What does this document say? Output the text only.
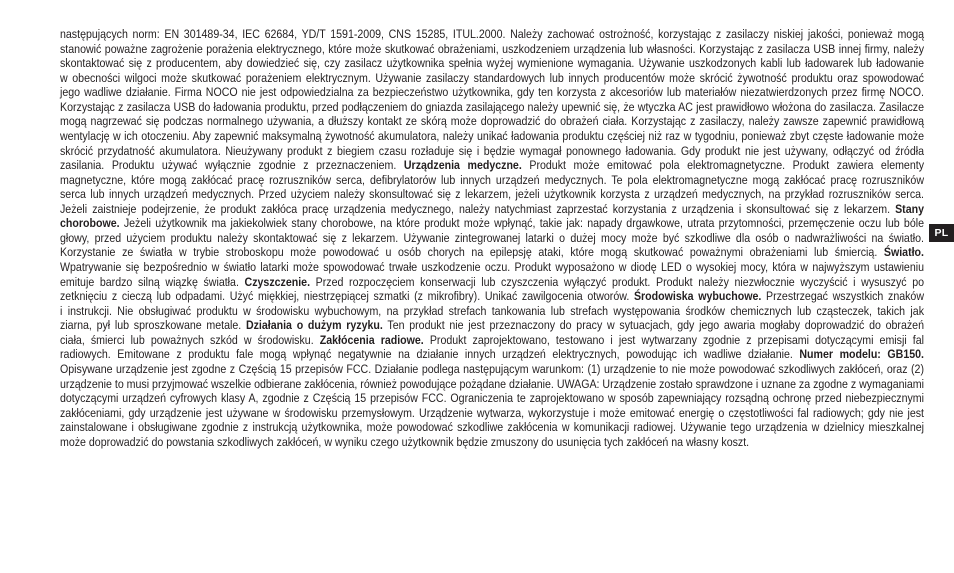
następujących norm: EN 301489-34, IEC 62684, YD/T 1591-2009, CNS 15285, ITUL.2000. Należy zachować ostrożność, korzystając z zasilaczy niskiej jakości, ponieważ mogą
stanowić poważne zagrożenie porażenia elektrycznego, które może skutkować obrażeniami, uszkodzeniem urządzenia lub własności. Korzystając z zasilacza USB innej firmy, należy
skontaktować się z producentem, aby dowiedzieć się, czy zasilacz użytkownika spełnia wyżej wymienione wymagania. Używanie uszkodzonych kabli lub ładowarek lub ładowanie
w obecności wilgoci może skutkować porażeniem elektrycznym. Używanie zasilaczy standardowych lub innych producentów może skrócić żywotność produktu oraz spowodować
jego wadliwe działanie. Firma NOCO nie jest odpowiedzialna za bezpieczeństwo użytkownika, gdy ten korzysta z akcesoriów lub materiałów niezatwierdzonych przez firmę NOCO.
Korzystając z zasilacza USB do ładowania produktu, przed podłączeniem do gniazda zasilającego należy upewnić się, że wtyczka AC jest prawidłowo włożona do zasilacza. Zasilacze
mogą nagrzewać się podczas normalnego używania, a dłuższy kontakt ze skórą może doprowadzić do obrażeń ciała. Korzystając z zasilaczy, należy zawsze zapewnić prawidłową
wentylację w ich otoczeniu. Aby zapewnić maksymalną żywotność akumulatora, należy unikać ładowania produktu częściej niż raz w tygodniu, ponieważ zbyt częste ładowanie może
skrócić przydatność akumulatora. Nieużywany produkt z biegiem czasu rozładuje się i będzie wymagał ponownego ładowania. Gdy produkt nie jest używany, odłączyć od źródła
zasilania. Produktu używać wyłącznie zgodnie z przeznaczeniem. Urządzenia medyczne. Produkt może emitować pola elektromagnetyczne. Produkt zawiera elementy
magnetyczne, które mogą zakłócać pracę rozruszników serca, defibrylatorów lub innych urządzeń medycznych. Te pola elektromagnetyczne mogą zakłócać pracę rozruszników
serca lub innych urządzeń medycznych. Przed użyciem należy skonsultować się z lekarzem, jeżeli użytkownik korzysta z urządzeń medycznych, na przykład rozruszników serca.
Jeżeli zaistnieje podejrzenie, że produkt zakłóca pracę urządzenia medycznego, należy natychmiast zaprzestać korzystania z urządzenia i skonsultować się z lekarzem. Stany
chorobowe. Jeżeli użytkownik ma jakiekolwiek stany chorobowe, na które produkt może wpłynąć, takie jak: napady drgawkowe, utrata przytomności, przemęczenie oczu lub bóle
głowy, przed użyciem produktu należy skontaktować się z lekarzem. Używanie zintegrowanej latarki o dużej mocy może być szkodliwe dla osób o nadwrażliwości na światło.
Korzystanie ze światła w trybie stroboskopu może powodować u osób chorych na epilepsję ataki, które mogą skutkować poważnymi obrażeniami lub śmiercią. Światło.
Wpatrywanie się bezpośrednio w światło latarki może spowodować trwałe uszkodzenie oczu. Produkt wyposażono w diodę LED o wysokiej mocy, która w najwyższym ustawieniu
emituje bardzo silną wiązkę światła. Czyszczenie. Przed rozpoczęciem konserwacji lub czyszczenia wyłączyć produkt. Produkt należy niezwłocznie wyczyścić i wysuszyć po
zetknięciu z cieczą lub odpadami. Użyć miękkiej, niestrzępiącej szmatki (z mikrofibry). Unikać zawilgocenia otworów. Środowiska wybuchowe. Przestrzegać wszystkich znaków
i instrukcji. Nie obsługiwać produktu w środowisku wybuchowym, na przykład strefach tankowania lub strefach występowania środków chemicznych lub cząsteczek, takich jak
ziarna, pył lub sproszkowane metale. Działania o dużym ryzyku. Ten produkt nie jest przeznaczony do pracy w sytuacjach, gdy jego awaria mogłaby doprowadzić do obrażeń
ciała, śmierci lub poważnych szkód w środowisku. Zakłócenia radiowe. Produkt zaprojektowano, testowano i jest wytwarzany zgodnie z przepisami dotyczącymi emisji fal
radiowych. Emitowane z produktu fale mogą wpłynąć negatywnie na działanie innych urządzeń elektrycznych, powodując ich wadliwe działanie. Numer modelu: GB150.
Opisywane urządzenie jest zgodne z Częścią 15 przepisów FCC. Działanie podlega następującym warunkom: (1) urządzenie to nie może powodować szkodliwych zakłóceń, oraz (2)
urządzenie to musi przyjmować wszelkie odbierane zakłócenia, również powodujące pożądane działanie. UWAGA: Urządzenie zostało sprawdzone i uznane za zgodne z wymaganiami
dotyczącymi urządzeń cyfrowych klasy A, zgodnie z Częścią 15 przepisów FCC. Ograniczenia te zaprojektowano w sposób zapewniający rozsądną ochronę przed niebezpiecznymi
zakłóceniami, gdy urządzenie jest używane w środowisku przemysłowym. Urządzenie wytwarza, wykorzystuje i może emitować energię o częstotliwości fal radiowych; gdy nie jest
zainstalowane i obsługiwane zgodnie z instrukcją użytkownika, może powodować szkodliwe zakłócenia w komunikacji radiowej. Używanie tego urządzenia w dzielnicy mieszkalnej
może doprowadzić do powstania szkodliwych zakłóceń, w wyniku czego użytkownik będzie zmuszony do usunięcia tych zakłóceń na własny koszt.
PL
